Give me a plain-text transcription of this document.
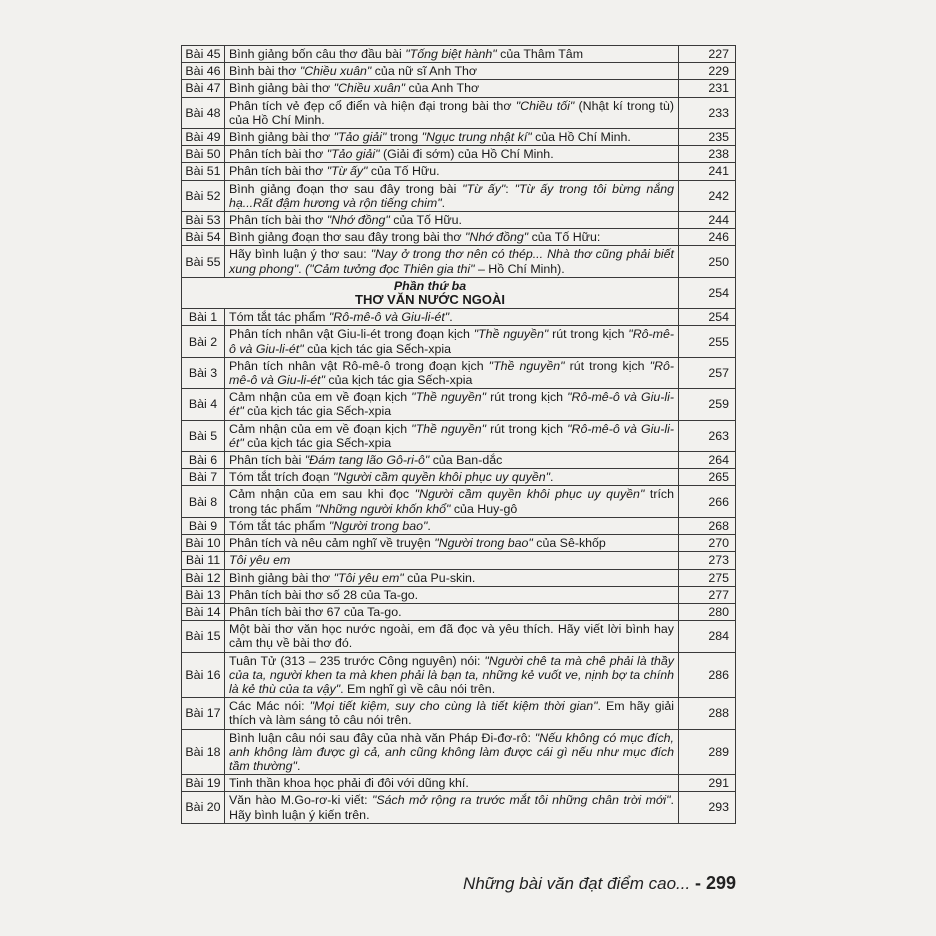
Bài 45	Bình giảng bốn câu thơ đầu bài "Tống biệt hành" của Thâm Tâm	227
Bài 46	Bình bài thơ "Chiều xuân" của nữ sĩ Anh Thơ	229
Bài 47	Bình giảng bài thơ "Chiều xuân" của Anh Thơ	231
Bài 48	Phân tích vẻ đẹp cổ điển và hiện đại trong bài thơ "Chiều tối" (Nhật kí trong tù) của Hồ Chí Minh.	233
Bài 49	Bình giảng bài thơ "Tảo giải" trong "Ngục trung nhật kí" của Hồ Chí Minh.	235
Bài 50	Phân tích bài thơ "Tảo giải" (Giải đi sớm) của Hồ Chí Minh.	238
Bài 51	Phân tích bài thơ "Từ ấy" của Tố Hữu.	241
Bài 52	Bình giảng đoạn thơ sau đây trong bài "Từ ấy": "Từ ấy trong tôi bừng nắng hạ...Rất đậm hương và rộn tiếng chim".	242
Bài 53	Phân tích bài thơ "Nhớ đồng" của Tố Hữu.	244
Bài 54	Bình giảng đoạn thơ sau đây trong bài thơ "Nhớ đồng" của Tố Hữu:	246
Bài 55	Hãy bình luận ý thơ sau: "Nay ở trong thơ nên có thép... Nhà thơ cũng phải biết xung phong". ("Cảm tưởng đọc Thiên gia thi" – Hồ Chí Minh).	250

Phần thứ ba
THƠ VĂN NƯỚC NGOÀI		254
Bài 1	Tóm tắt tác phẩm "Rô-mê-ô và Giu-li-ét".	254
Bài 2	Phân tích nhân vật Giu-li-ét trong đoạn kịch "Thề nguyền" rút trong kịch "Rô-mê-ô và Giu-li-ét" của kịch tác gia Sếch-xpia	255
Bài 3	Phân tích nhân vật Rô-mê-ô trong đoạn kịch "Thề nguyền" rút trong kịch "Rô-mê-ô và Giu-li-ét" của kịch tác gia Sếch-xpia	257
Bài 4	Cảm nhận của em về đoạn kịch "Thề nguyền" rút trong kịch "Rô-mê-ô và Giu-li-ét" của kịch tác gia Sếch-xpia	259
Bài 5	Cảm nhận của em về đoạn kịch "Thề nguyền" rút trong kịch "Rô-mê-ô và Giu-li-ét" của kịch tác gia Sếch-xpia	263
Bài 6	Phân tích bài "Đám tang lão Gô-ri-ô" của Ban-dắc	264
Bài 7	Tóm tắt trích đoạn "Người cầm quyền khôi phục uy quyền".	265
Bài 8	Cảm nhận của em sau khi đọc "Người cầm quyền khôi phục uy quyền" trích trong tác phẩm "Những người khốn khổ" của Huy-gô	266
Bài 9	Tóm tắt tác phẩm "Người trong bao".	268
Bài 10	Phân tích và nêu cảm nghĩ về truyện "Người trong bao" của Sê-khốp	270
Bài 11	Tôi yêu em	273
Bài 12	Bình giảng bài thơ "Tôi yêu em" của Pu-skin.	275
Bài 13	Phân tích bài thơ số 28 của Ta-go.	277
Bài 14	Phân tích bài thơ 67 của Ta-go.	280
Bài 15	Một bài thơ văn học nước ngoài, em đã đọc và yêu thích. Hãy viết lời bình hay cảm thụ về bài thơ đó.	284
Bài 16	Tuân Tử (313 – 235 trước Công nguyên) nói: "Người chê ta mà chê phải là thầy của ta, người khen ta mà khen phải là bạn ta, những kẻ vuốt ve, nịnh bợ ta chính là kẻ thù của ta vậy". Em nghĩ gì về câu nói trên.	286
Bài 17	Các Mác nói: "Mọi tiết kiệm, suy cho cùng là tiết kiệm thời gian". Em hãy giải thích và làm sáng tỏ câu nói trên.	288
Bài 18	Bình luận câu nói sau đây của nhà văn Pháp Đi-đơ-rô: "Nếu không có mục đích, anh không làm được gì cả, anh cũng không làm được cái gì nếu như mục đích tầm thường".	289
Bài 19	Tinh thần khoa học phải đi đôi với dũng khí.	291
Bài 20	Văn hào M.Go-rơ-ki viết: "Sách mở rộng ra trước mắt tôi những chân trời mới". Hãy bình luận ý kiến trên.	293
Những bài văn đạt điểm cao... - 299
